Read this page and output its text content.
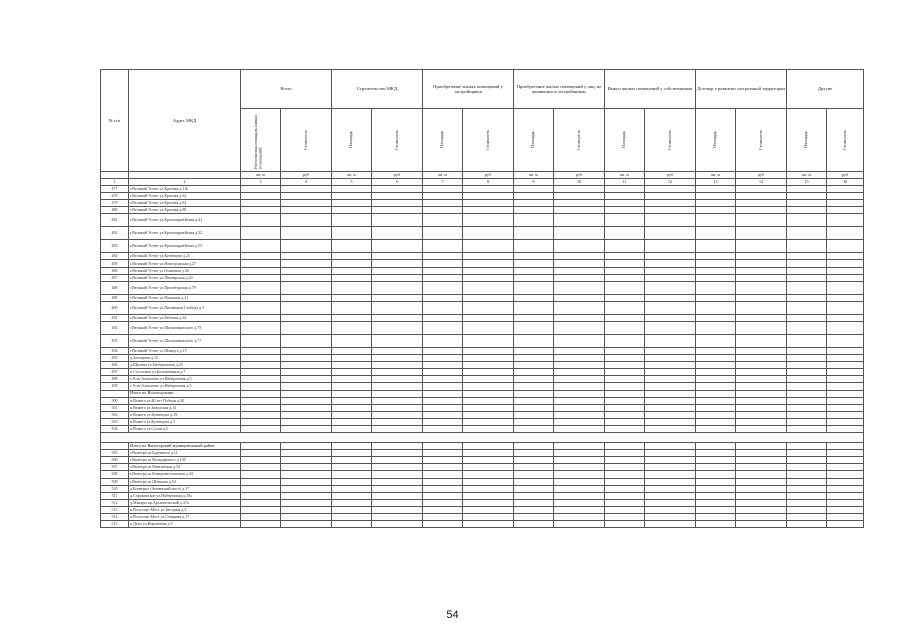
№ п/п	Адрес МКД	Всего		Строительство МКД		Приобретение жилых помещений у застройщиков		Приобретение жилых помещений у лиц, не являющихся застройщиком		Выкуп жилых помещений у собственников		Договор о развитии застроенной территории		Другие	

		Расселяемая площадь жилых помещений	Стоимость	Площадь	Стоимость	Площадь	Стоимость	Площадь	Стоимость	Площадь	Стоимость	Площадь	Стоимость	Площадь	Стоимость

		кв. м	руб	кв. м	руб	кв. м	руб	кв. м	руб	кв. м	руб	кв. м	руб	кв. м	руб
1	2	3	4	5	6	7	8	9	10	11	12	13	14	15	16
477	г.Великий Устюг ул.Красная д.116														
478	г.Великий Устюг ул.Красная д.62														
479	г.Великий Устюг ул.Красная д.82														
480	г.Великий Устюг ул.Красная д.88														
481	г.Великий Устюг ул.Красноармейская д.41														
482	г.Великий Устюг ул.Красноармейская д.52														
483	г.Великий Устюг ул.Красноармейская д.55														
484	г.Великий Устюг ул.Кузнецова д.21														
485	г.Великий Устюг ул.Новгородская д.27														
486	г.Великий Устюг ул.Осиновая д.36														
487	г.Великий Устюг ул.Пионерская д.20														
488	г.Великий Устюг ул.Пролетарская д.79														
489	г.Великий Устюг ул.Пушкина д.31														
490	г.Великий Устюг ул.Пятницкая Слобода д.5														
491	г.Великий Устюг ул.Рабочая д.34														
492	г.Великий Устюг ул.Шильниковского д.79														
493	г.Великий Устюг ул.Шильниковского д.77														
494	г.Великий Устюг ул.Шмидта д.15														
495	д.Заозерная д.12														
496	д.Шиляна ул.Центральная д.25														
497	п.Сусоловка ул.Большевиков д.7														
498	г.Усть-Алексеево ул.Набережная д.3														
499	г.Усть-Алексеево ул.Набережная д.5														
	Итого по Вологодскому:														
500	п.Вожега ул.40 лет Победы д.20														
501	п.Вожега ул.Заводская д.14														
502	п.Вожега ул.Кузнецова д.19														
503	п.Вожега ул.Кузнецова д.5														
504	п.Вожега ул.Сухая д.4														

	Итого по Вытегорский муниципальный район														
505	г.Вытегра ул.Буденного д.11														
506	г.Вытегра ул.Володарского д.105														
507	г.Вытегра ул.Вянгинская д.54														
508	г.Вытегра ул.Коммунистическая д.34														
509	г.Вытегра ул.Шевцова д.54														
510	д.Конецкое (Анненский мост) д.17														
511	д.Сорокинское ул.Набережная д.30а														
512	д.Макары пр.Архангельский д.37а														
513	п.Волосово Мост ул.Звездная д.2														
514	п.Волосово Мост ул.Северная д.17														
515	п.Депо ул.Кирпичная д.5														
54
